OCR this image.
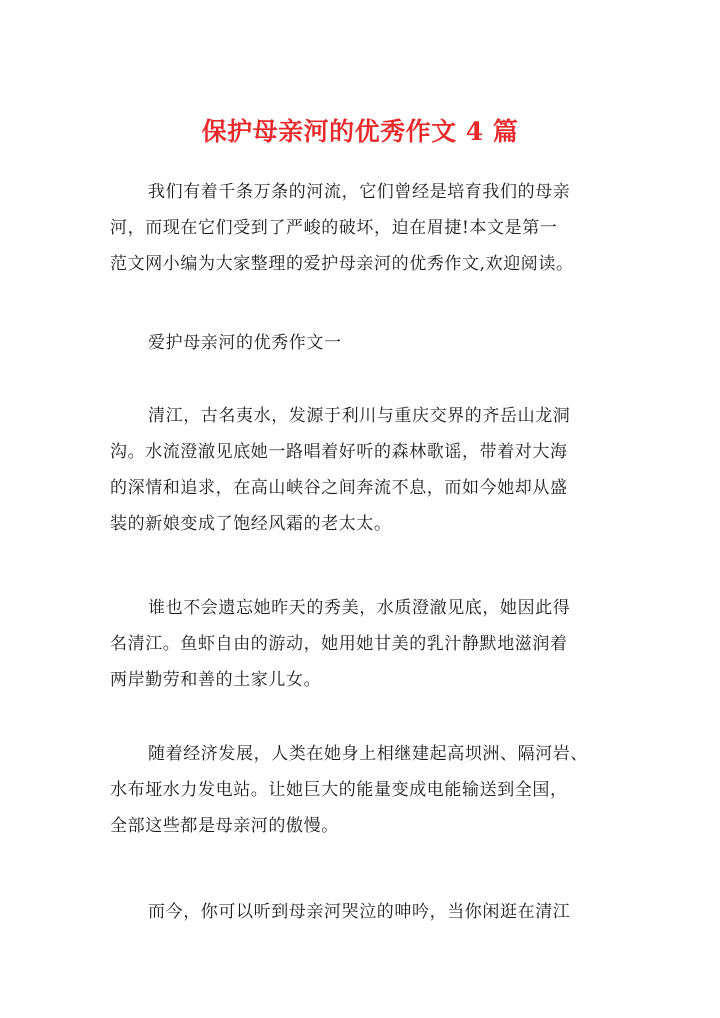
保护母亲河的优秀作文 4 篇
我们有着千条万条的河流，它们曾经是培育我们的母亲
河，而现在它们受到了严峻的破坏，迫在眉捷!本文是第一
范文网小编为大家整理的爱护母亲河的优秀作文,欢迎阅读。
爱护母亲河的优秀作文一
清江，古名夷水，发源于利川与重庆交界的齐岳山龙洞
沟。水流澄澈见底她一路唱着好听的森林歌谣，带着对大海
的深情和追求，在高山峡谷之间奔流不息，而如今她却从盛
装的新娘变成了饱经风霜的老太太。
谁也不会遗忘她昨天的秀美，水质澄澈见底，她因此得
名清江。鱼虾自由的游动，她用她甘美的乳汁静默地滋润着
两岸勤劳和善的土家儿女。
随着经济发展，人类在她身上相继建起高坝洲、隔河岩、
水布垭水力发电站。让她巨大的能量变成电能输送到全国，
全部这些都是母亲河的傲慢。
而今，你可以听到母亲河哭泣的呻吟，当你闲逛在清江
